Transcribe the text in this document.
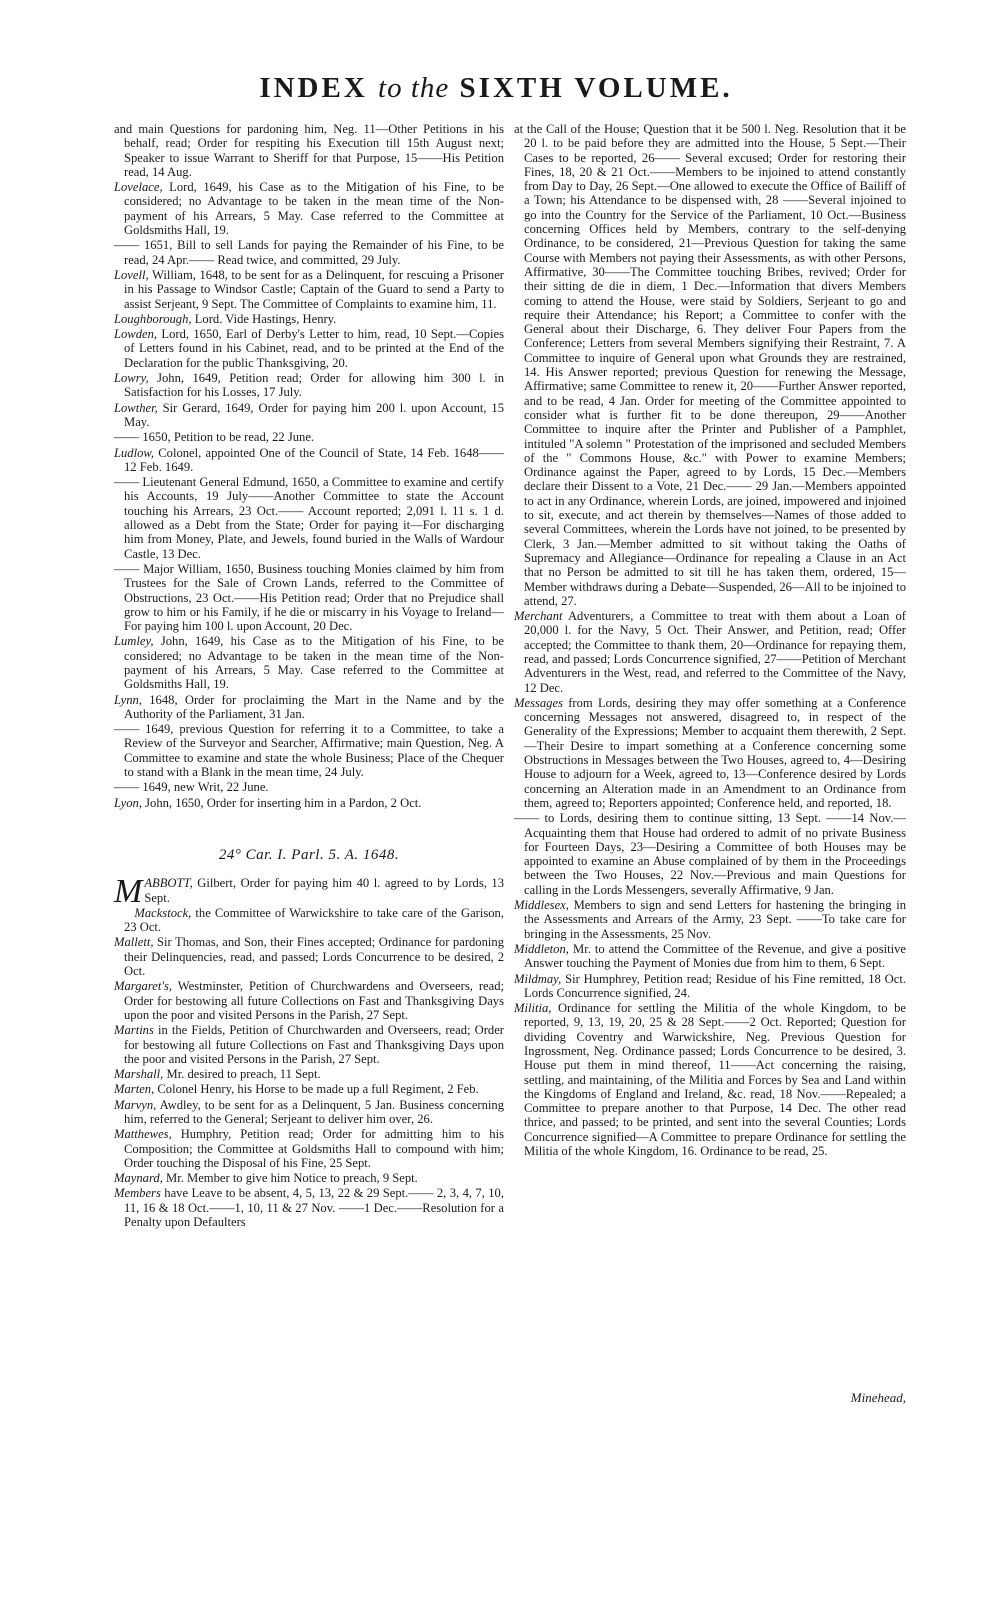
INDEX to the SIXTH VOLUME.

and main Questions for pardoning him, Neg. 11—Other Petitions in his behalf, read; Order for respiting his Execution till 15th August next; Speaker to issue Warrant to Sheriff for that Purpose, 15——His Petition read, 14 Aug.

Lovelace, Lord, 1649, his Case as to the Mitigation of his Fine, to be considered; no Advantage to be taken in the mean time of the Non-payment of his Arrears, 5 May. Case referred to the Committee at Goldsmiths Hall, 19.

—— 1651, Bill to sell Lands for paying the Remainder of his Fine, to be read, 24 Apr.—— Read twice, and committed, 29 July.

Lovell, William, 1648, to be sent for as a Delinquent, for rescuing a Prisoner in his Passage to Windsor Castle; Captain of the Guard to send a Party to assist Serjeant, 9 Sept. The Committee of Complaints to examine him, 11.

Loughborough, Lord. Vide Hastings, Henry.

Lowden, Lord, 1650, Earl of Derby's Letter to him, read, 10 Sept.—Copies of Letters found in his Cabinet, read, and to be printed at the End of the Declaration for the public Thanksgiving, 20.

Lowry, John, 1649, Petition read; Order for allowing him 300 l. in Satisfaction for his Losses, 17 July.

Lowther, Sir Gerard, 1649, Order for paying him 200 l. upon Account, 15 May.

—— 1650, Petition to be read, 22 June.

Ludlow, Colonel, appointed One of the Council of State, 14 Feb. 1648——12 Feb. 1649.

—— Lieutenant General Edmund, 1650, a Committee to examine and certify his Accounts, 19 July——Another Committee to state the Account touching his Arrears, 23 Oct.—— Account reported; 2,091 l. 11 s. 1 d. allowed as a Debt from the State; Order for paying it—For discharging him from Money, Plate, and Jewels, found buried in the Walls of Wardour Castle, 13 Dec.

—— Major William, 1650, Business touching Monies claimed by him from Trustees for the Sale of Crown Lands, referred to the Committee of Obstructions, 23 Oct.——His Petition read; Order that no Prejudice shall grow to him or his Family, if he die or miscarry in his Voyage to Ireland—For paying him 100 l. upon Account, 20 Dec.

Lumley, John, 1649, his Case as to the Mitigation of his Fine, to be considered; no Advantage to be taken in the mean time of the Non-payment of his Arrears, 5 May. Case referred to the Committee at Goldsmiths Hall, 19.

Lynn, 1648, Order for proclaiming the Mart in the Name and by the Authority of the Parliament, 31 Jan.

—— 1649, previous Question for referring it to a Committee, to take a Review of the Surveyor and Searcher, Affirmative; main Question, Neg. A Committee to examine and state the whole Business; Place of the Chequer to stand with a Blank in the mean time, 24 July.

—— 1649, new Writ, 22 June.

Lyon, John, 1650, Order for inserting him in a Pardon, 2 Oct.

24° Car. I. Parl. 5. A. 1648.

MABBOTT, Gilbert, Order for paying him 40 l. agreed to by Lords, 13 Sept.

Mackstock, the Committee of Warwickshire to take care of the Garison, 23 Oct.

Mallett, Sir Thomas, and Son, their Fines accepted; Ordinance for pardoning their Delinquencies, read, and passed; Lords Concurrence to be desired, 2 Oct.

Margaret's, Westminster, Petition of Churchwardens and Overseers, read; Order for bestowing all future Collections on Fast and Thanksgiving Days upon the poor and visited Persons in the Parish, 27 Sept.

Martins in the Fields, Petition of Churchwarden and Overseers, read; Order for bestowing all future Collections on Fast and Thanksgiving Days upon the poor and visited Persons in the Parish, 27 Sept.

Marshall, Mr. desired to preach, 11 Sept.

Marten, Colonel Henry, his Horse to be made up a full Regiment, 2 Feb.

Marvyn, Awdley, to be sent for as a Delinquent, 5 Jan. Business concerning him, referred to the General; Serjeant to deliver him over, 26.

Matthewes, Humphry, Petition read; Order for admitting him to his Composition; the Committee at Goldsmiths Hall to compound with him; Order touching the Disposal of his Fine, 25 Sept.

Maynard, Mr. Member to give him Notice to preach, 9 Sept.

Members have Leave to be absent, 4, 5, 13, 22 & 29 Sept.—— 2, 3, 4, 7, 10, 11, 16 & 18 Oct.——1, 10, 11 & 27 Nov. ——1 Dec.——Resolution for a Penalty upon Defaulters

at the Call of the House; Question that it be 500 l. Neg. Resolution that it be 20 l. to be paid before they are admitted into the House, 5 Sept.—Their Cases to be reported, 26—— Several excused; Order for restoring their Fines, 18, 20 & 21 Oct.——Members to be injoined to attend constantly from Day to Day, 26 Sept.—One allowed to execute the Office of Bailiff of a Town; his Attendance to be dispensed with, 28 ——Several injoined to go into the Country for the Service of the Parliament, 10 Oct.—Business concerning Offices held by Members, contrary to the self-denying Ordinance, to be considered, 21—Previous Question for taking the same Course with Members not paying their Assessments, as with other Persons, Affirmative, 30——The Committee touching Bribes, revived; Order for their sitting de die in diem, 1 Dec.—Information that divers Members coming to attend the House, were staid by Soldiers, Serjeant to go and require their Attendance; his Report; a Committee to confer with the General about their Discharge, 6. They deliver Four Papers from the Conference; Letters from several Members signifying their Restraint, 7. A Committee to inquire of General upon what Grounds they are restrained, 14. His Answer reported; previous Question for renewing the Message, Affirmative; same Committee to renew it, 20——Further Answer reported, and to be read, 4 Jan. Order for meeting of the Committee appointed to consider what is further fit to be done thereupon, 29——Another Committee to inquire after the Printer and Publisher of a Pamphlet, intituled "A solemn " Protestation of the imprisoned and secluded Members of the " Commons House, &c." with Power to examine Members; Ordinance against the Paper, agreed to by Lords, 15 Dec.—Members declare their Dissent to a Vote, 21 Dec.—— 29 Jan.—Members appointed to act in any Ordinance, wherein Lords, are joined, impowered and injoined to sit, execute, and act therein by themselves—Names of those added to several Committees, wherein the Lords have not joined, to be presented by Clerk, 3 Jan.—Member admitted to sit without taking the Oaths of Supremacy and Allegiance—Ordinance for repealing a Clause in an Act that no Person be admitted to sit till he has taken them, ordered, 15—Member withdraws during a Debate—Suspended, 26—All to be injoined to attend, 27.

Merchant Adventurers, a Committee to treat with them about a Loan of 20,000 l. for the Navy, 5 Oct. Their Answer, and Petition, read; Offer accepted; the Committee to thank them, 20—Ordinance for repaying them, read, and passed; Lords Concurrence signified, 27——Petition of Merchant Adventurers in the West, read, and referred to the Committee of the Navy, 12 Dec.

Messages from Lords, desiring they may offer something at a Conference concerning Messages not answered, disagreed to, in respect of the Generality of the Expressions; Member to acquaint them therewith, 2 Sept.—Their Desire to impart something at a Conference concerning some Obstructions in Messages between the Two Houses, agreed to, 4—Desiring House to adjourn for a Week, agreed to, 13—Conference desired by Lords concerning an Alteration made in an Amendment to an Ordinance from them, agreed to; Reporters appointed; Conference held, and reported, 18.

—— to Lords, desiring them to continue sitting, 13 Sept. ——14 Nov.—Acquainting them that House had ordered to admit of no private Business for Fourteen Days, 23—Desiring a Committee of both Houses may be appointed to examine an Abuse complained of by them in the Proceedings between the Two Houses, 22 Nov.—Previous and main Questions for calling in the Lords Messengers, severally Affirmative, 9 Jan.

Middlesex, Members to sign and send Letters for hastening the bringing in the Assessments and Arrears of the Army, 23 Sept. ——To take care for bringing in the Assessments, 25 Nov.

Middleton, Mr. to attend the Committee of the Revenue, and give a positive Answer touching the Payment of Monies due from him to them, 6 Sept.

Mildmay, Sir Humphrey, Petition read; Residue of his Fine remitted, 18 Oct. Lords Concurrence signified, 24.

Militia, Ordinance for settling the Militia of the whole Kingdom, to be reported, 9, 13, 19, 20, 25 & 28 Sept.——2 Oct. Reported; Question for dividing Coventry and Warwickshire, Neg. Previous Question for Ingrossment, Neg. Ordinance passed; Lords Concurrence to be desired, 3. House put them in mind thereof, 11——Act concerning the raising, settling, and maintaining, of the Militia and Forces by Sea and Land within the Kingdoms of England and Ireland, &c. read, 18 Nov.——Repealed; a Committee to prepare another to that Purpose, 14 Dec. The other read thrice, and passed; to be printed, and sent into the several Counties; Lords Concurrence signified—A Committee to prepare Ordinance for settling the Militia of the whole Kingdom, 16. Ordinance to be read, 25.

Minehead,
